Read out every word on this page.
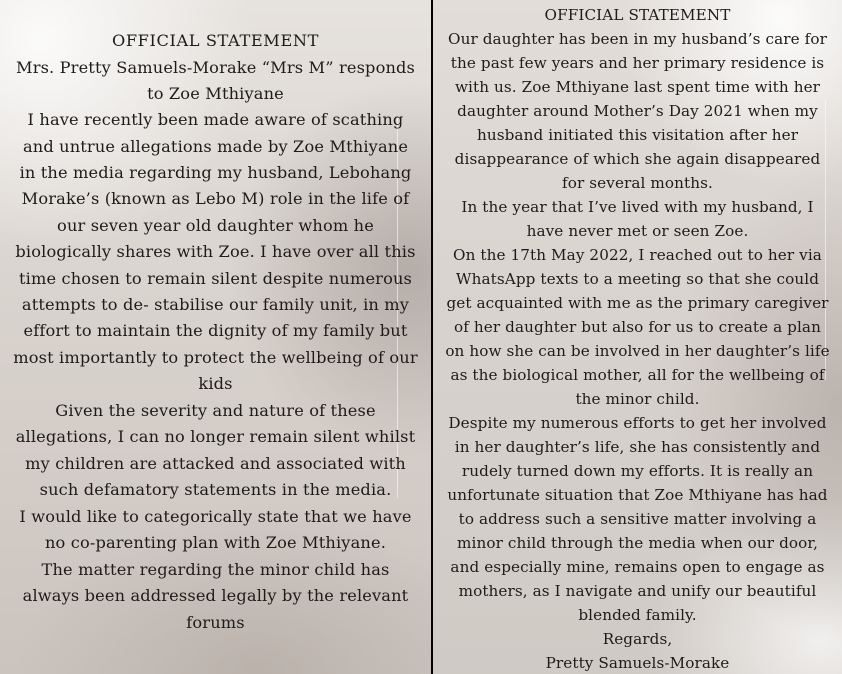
OFFICIAL STATEMENT
Mrs. Pretty Samuels-Morake “Mrs M” responds
to Zoe Mthiyane
I have recently been made aware of scathing
and untrue allegations made by Zoe Mthiyane
in the media regarding my husband, Lebohang
Morake’s (known as Lebo M) role in the life of
our seven year old daughter whom he
biologically shares with Zoe. I have over all this
time chosen to remain silent despite numerous
attempts to de- stabilise our family unit, in my
effort to maintain the dignity of my family but
most importantly to protect the wellbeing of our
kids
Given the severity and nature of these
allegations, I can no longer remain silent whilst
my children are attacked and associated with
such defamatory statements in the media.
I would like to categorically state that we have
no co-parenting plan with Zoe Mthiyane.
The matter regarding the minor child has
always been addressed legally by the relevant
forums
OFFICIAL STATEMENT
Our daughter has been in my husband’s care for
the past few years and her primary residence is
with us. Zoe Mthiyane last spent time with her
daughter around Mother’s Day 2021 when my
husband initiated this visitation after her
disappearance of which she again disappeared
for several months.
In the year that I’ve lived with my husband, I
have never met or seen Zoe.
On the 17th May 2022, I reached out to her via
WhatsApp texts to a meeting so that she could
get acquainted with me as the primary caregiver
of her daughter but also for us to create a plan
on how she can be involved in her daughter’s life
as the biological mother, all for the wellbeing of
the minor child.
Despite my numerous efforts to get her involved
in her daughter’s life, she has consistently and
rudely turned down my efforts. It is really an
unfortunate situation that Zoe Mthiyane has had
to address such a sensitive matter involving a
minor child through the media when our door,
and especially mine, remains open to engage as
mothers, as I navigate and unify our beautiful
blended family.
Regards,
Pretty Samuels-Morake
